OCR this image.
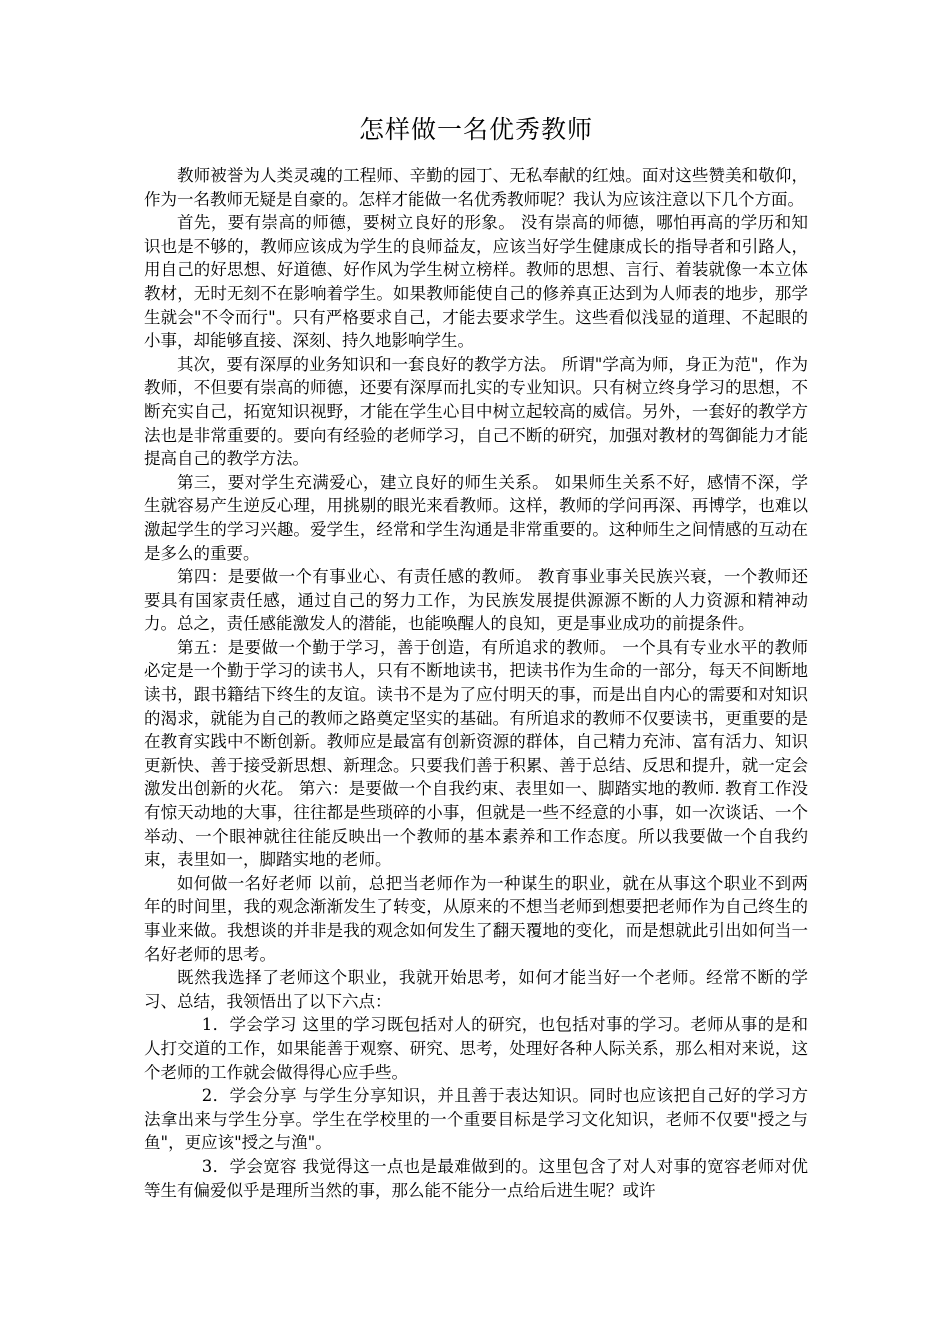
怎样做一名优秀教师

教师被誉为人类灵魂的工程师、辛勤的园丁、无私奉献的红烛。面对这些赞美和敬仰，作为一名教师无疑是自豪的。怎样才能做一名优秀教师呢？我认为应该注意以下几个方面。

首先，要有崇高的师德，要树立良好的形象。 没有崇高的师德，哪怕再高的学历和知识也是不够的，教师应该成为学生的良师益友，应该当好学生健康成长的指导者和引路人，用自己的好思想、好道德、好作风为学生树立榜样。教师的思想、言行、着装就像一本立体教材，无时无刻不在影响着学生。如果教师能使自己的修养真正达到为人师表的地步，那学生就会"不令而行"。只有严格要求自己，才能去要求学生。这些看似浅显的道理、不起眼的小事，却能够直接、深刻、持久地影响学生。

其次，要有深厚的业务知识和一套良好的教学方法。 所谓"学高为师，身正为范"，作为教师，不但要有崇高的师德，还要有深厚而扎实的专业知识。只有树立终身学习的思想，不断充实自己，拓宽知识视野，才能在学生心目中树立起较高的威信。另外，一套好的教学方法也是非常重要的。要向有经验的老师学习，自己不断的研究，加强对教材的驾御能力才能提高自己的教学方法。

第三，要对学生充满爱心，建立良好的师生关系。 如果师生关系不好，感情不深，学生就容易产生逆反心理，用挑剔的眼光来看教师。这样，教师的学问再深、再博学，也难以激起学生的学习兴趣。爱学生，经常和学生沟通是非常重要的。这种师生之间情感的互动在是多么的重要。

第四：是要做一个有事业心、有责任感的教师。 教育事业事关民族兴衰，一个教师还要具有国家责任感，通过自己的努力工作，为民族发展提供源源不断的人力资源和精神动力。总之，责任感能激发人的潜能，也能唤醒人的良知，更是事业成功的前提条件。

第五：是要做一个勤于学习，善于创造，有所追求的教师。 一个具有专业水平的教师必定是一个勤于学习的读书人，只有不断地读书，把读书作为生命的一部分，每天不间断地读书，跟书籍结下终生的友谊。读书不是为了应付明天的事，而是出自内心的需要和对知识的渴求，就能为自己的教师之路奠定坚实的基础。有所追求的教师不仅要读书，更重要的是在教育实践中不断创新。教师应是最富有创新资源的群体，自己精力充沛、富有活力、知识更新快、善于接受新思想、新理念。只要我们善于积累、善于总结、反思和提升，就一定会激发出创新的火花。 第六：是要做一个自我约束、表里如一、脚踏实地的教师. 教育工作没有惊天动地的大事，往往都是些琐碎的小事，但就是一些不经意的小事，如一次谈话、一个举动、一个眼神就往往能反映出一个教师的基本素养和工作态度。所以我要做一个自我约束，表里如一，脚踏实地的老师。

如何做一名好老师 以前，总把当老师作为一种谋生的职业，就在从事这个职业不到两年的时间里，我的观念渐渐发生了转变，从原来的不想当老师到想要把老师作为自己终生的事业来做。我想谈的并非是我的观念如何发生了翻天覆地的变化，而是想就此引出如何当一名好老师的思考。

既然我选择了老师这个职业，我就开始思考，如何才能当好一个老师。经常不断的学习、总结，我领悟出了以下六点：

1．学会学习 这里的学习既包括对人的研究，也包括对事的学习。老师从事的是和人打交道的工作，如果能善于观察、研究、思考，处理好各种人际关系，那么相对来说，这个老师的工作就会做得得心应手些。

2．学会分享 与学生分享知识，并且善于表达知识。同时也应该把自己好的学习方法拿出来与学生分享。学生在学校里的一个重要目标是学习文化知识，老师不仅要"授之与鱼"，更应该"授之与渔"。

3．学会宽容 我觉得这一点也是最难做到的。这里包含了对人对事的宽容老师对优等生有偏爱似乎是理所当然的事，那么能不能分一点给后进生呢？或许
